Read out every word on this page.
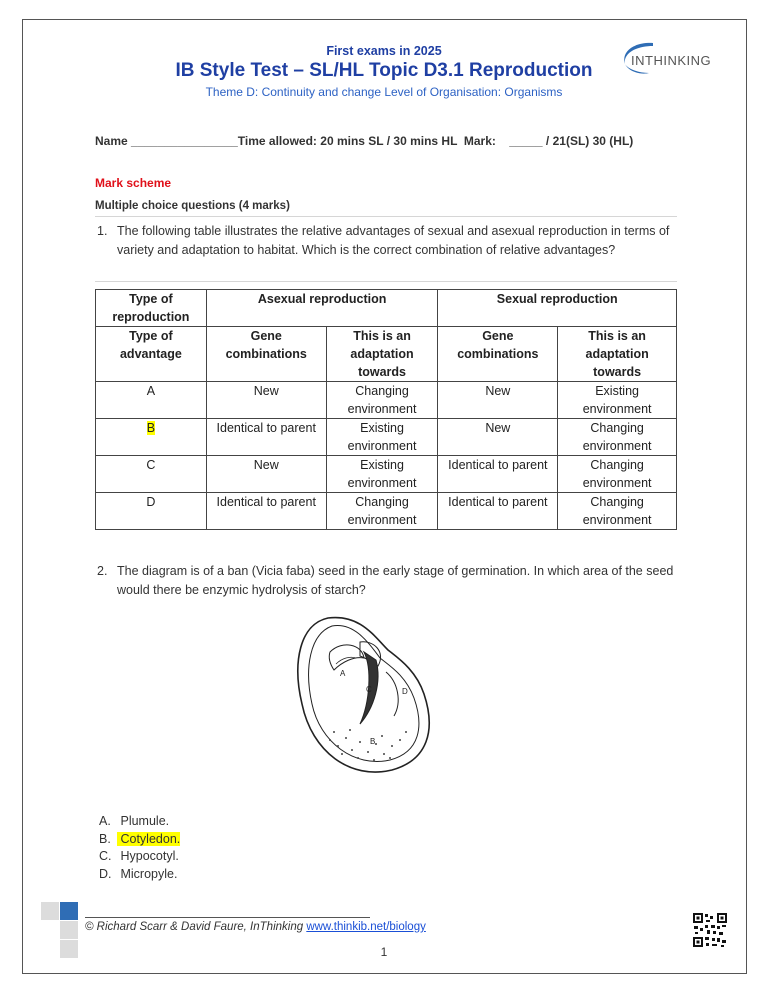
First exams in 2025
IB Style Test – SL/HL Topic D3.1 Reproduction
Theme D: Continuity and change Level of Organisation: Organisms
INTHINKING
Name ________________Time allowed: 20 mins SL / 30 mins HL  Mark:    _____ / 21(SL) 30 (HL)
Mark scheme
Multiple choice questions (4 marks)
1. The following table illustrates the relative advantages of sexual and asexual reproduction in terms of variety and adaptation to habitat. Which is the correct combination of relative advantages?
Type of reproduction	Asexual reproduction		Sexual reproduction	
Type of advantage	Gene combinations	This is an adaptation towards	Gene combinations	This is an adaptation towards
A	New	Changing environment	New	Existing environment
B	Identical to parent	Existing environment	New	Changing environment
C	New	Existing environment	Identical to parent	Changing environment
D	Identical to parent	Changing environment	Identical to parent	Changing environment
2. The diagram is of a ban (Vicia faba) seed in the early stage of germination. In which area of the seed would there be enzymic hydrolysis of starch?
A
C	D
B
A. Plumule.
B. Cotyledon.
C. Hypocotyl.
D. Micropyle.
© Richard Scarr & David Faure, InThinking www.thinkib.net/biology
1
